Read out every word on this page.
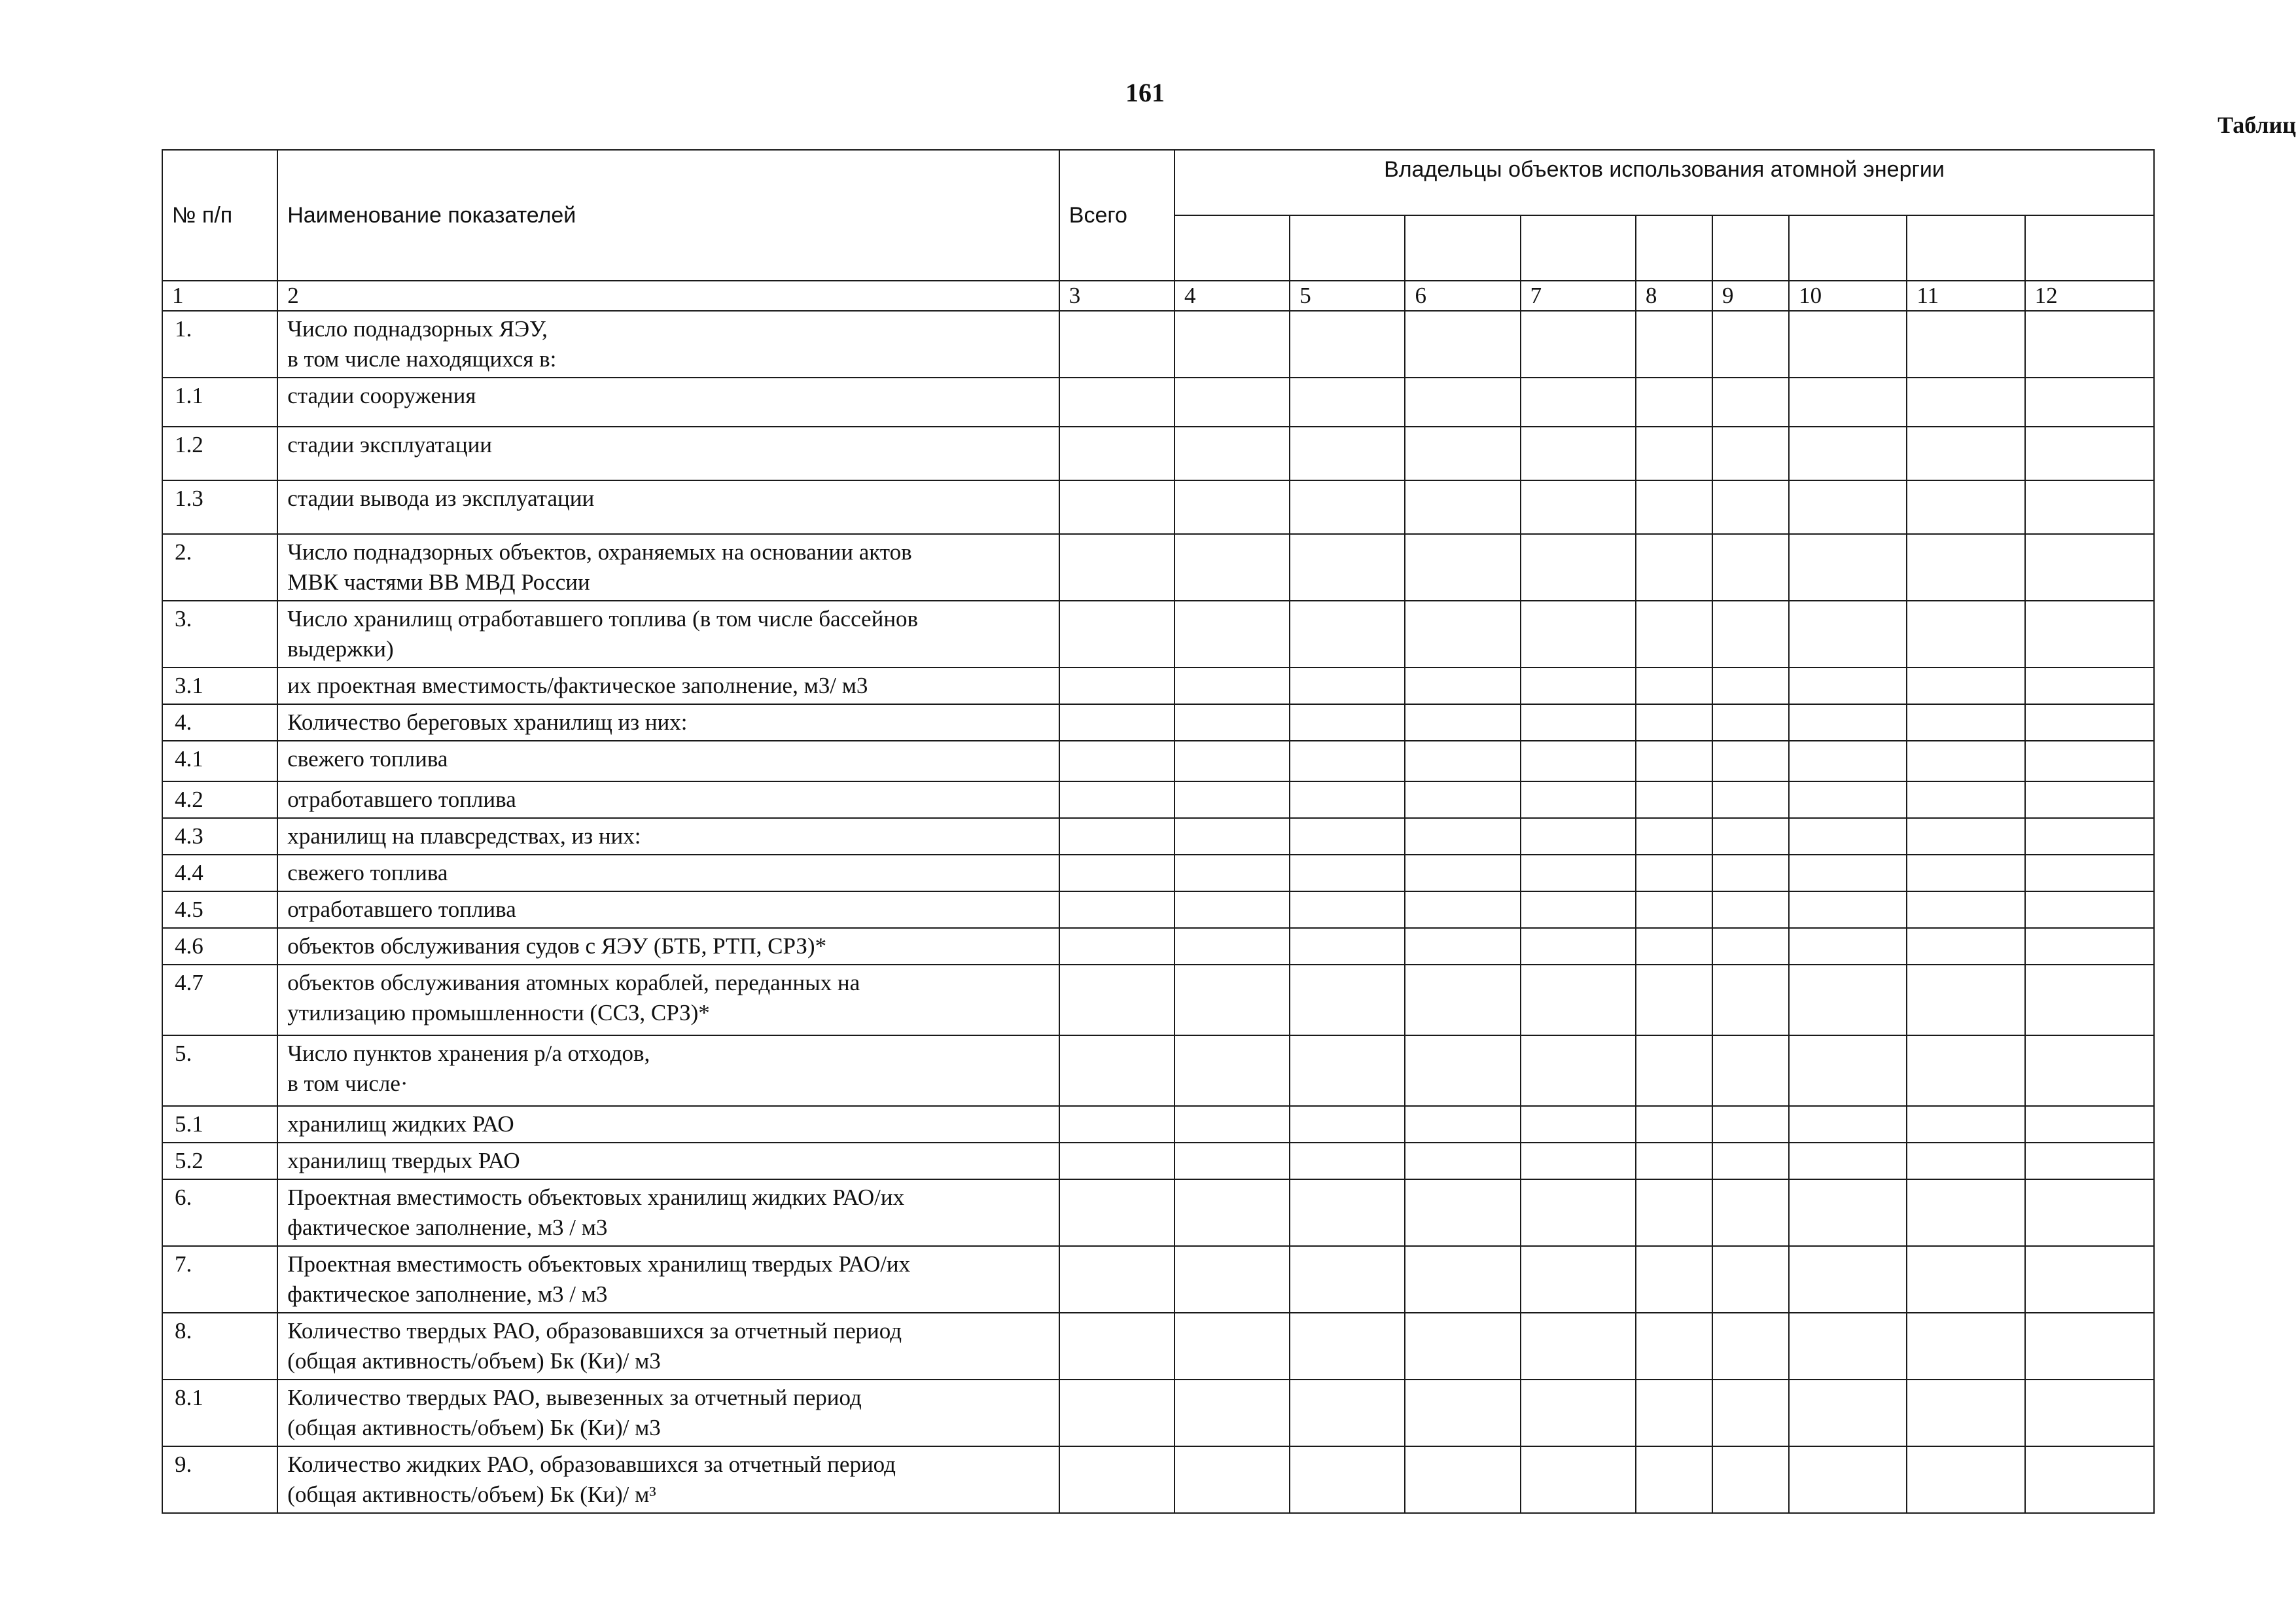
161
Таблиц
№ п/п	Наименование показателей	Всего	Владельцы объектов использования атомной энергии								

1	2	3	4	5	6	7	8	9	10	11	12
1.	Число поднадзорных ЯЭУ,
в том числе находящихся в:										

1.1	стадии сооружения										

1.2	стадии эксплуатации										

1.3	стадии вывода из эксплуатации										

2.	Число поднадзорных объектов, охраняемых на основании актов
МВК частями ВВ МВД России										

3.	Число хранилищ отработавшего топлива (в том числе бассейнов
выдержки)										

3.1	их проектная вместимость/фактическое заполнение, м3/ м3										

4.	Количество береговых хранилищ из них:										

4.1	свежего топлива										

4.2	отработавшего топлива										

4.3	хранилищ на плавсредствах, из них:										

4.4	свежего топлива										

4.5	отработавшего топлива										

4.6	объектов обслуживания судов с ЯЭУ (БТБ, РТП, СРЗ)*										

4.7	объектов обслуживания атомных кораблей, переданных на
утилизацию промышленности (ССЗ, СРЗ)*										

5.	Число пунктов хранения р/а отходов,
в том числе·										

5.1	хранилищ жидких РАО										

5.2	хранилищ твердых РАО										

6.	Проектная вместимость объектовых хранилищ жидких РАО/их
фактическое заполнение, м3 / м3										

7.	Проектная вместимость объектовых хранилищ твердых РАО/их
фактическое заполнение, м3 / м3										

8.	Количество твердых РАО, образовавшихся за отчетный период
(общая активность/объем) Бк (Ки)/ м3										

8.1	Количество твердых РАО, вывезенных за отчетный период
(общая активность/объем) Бк (Ки)/ м3										

9.	Количество жидких РАО, образовавшихся за отчетный период
(общая активность/объем) Бк (Ки)/ м³										
